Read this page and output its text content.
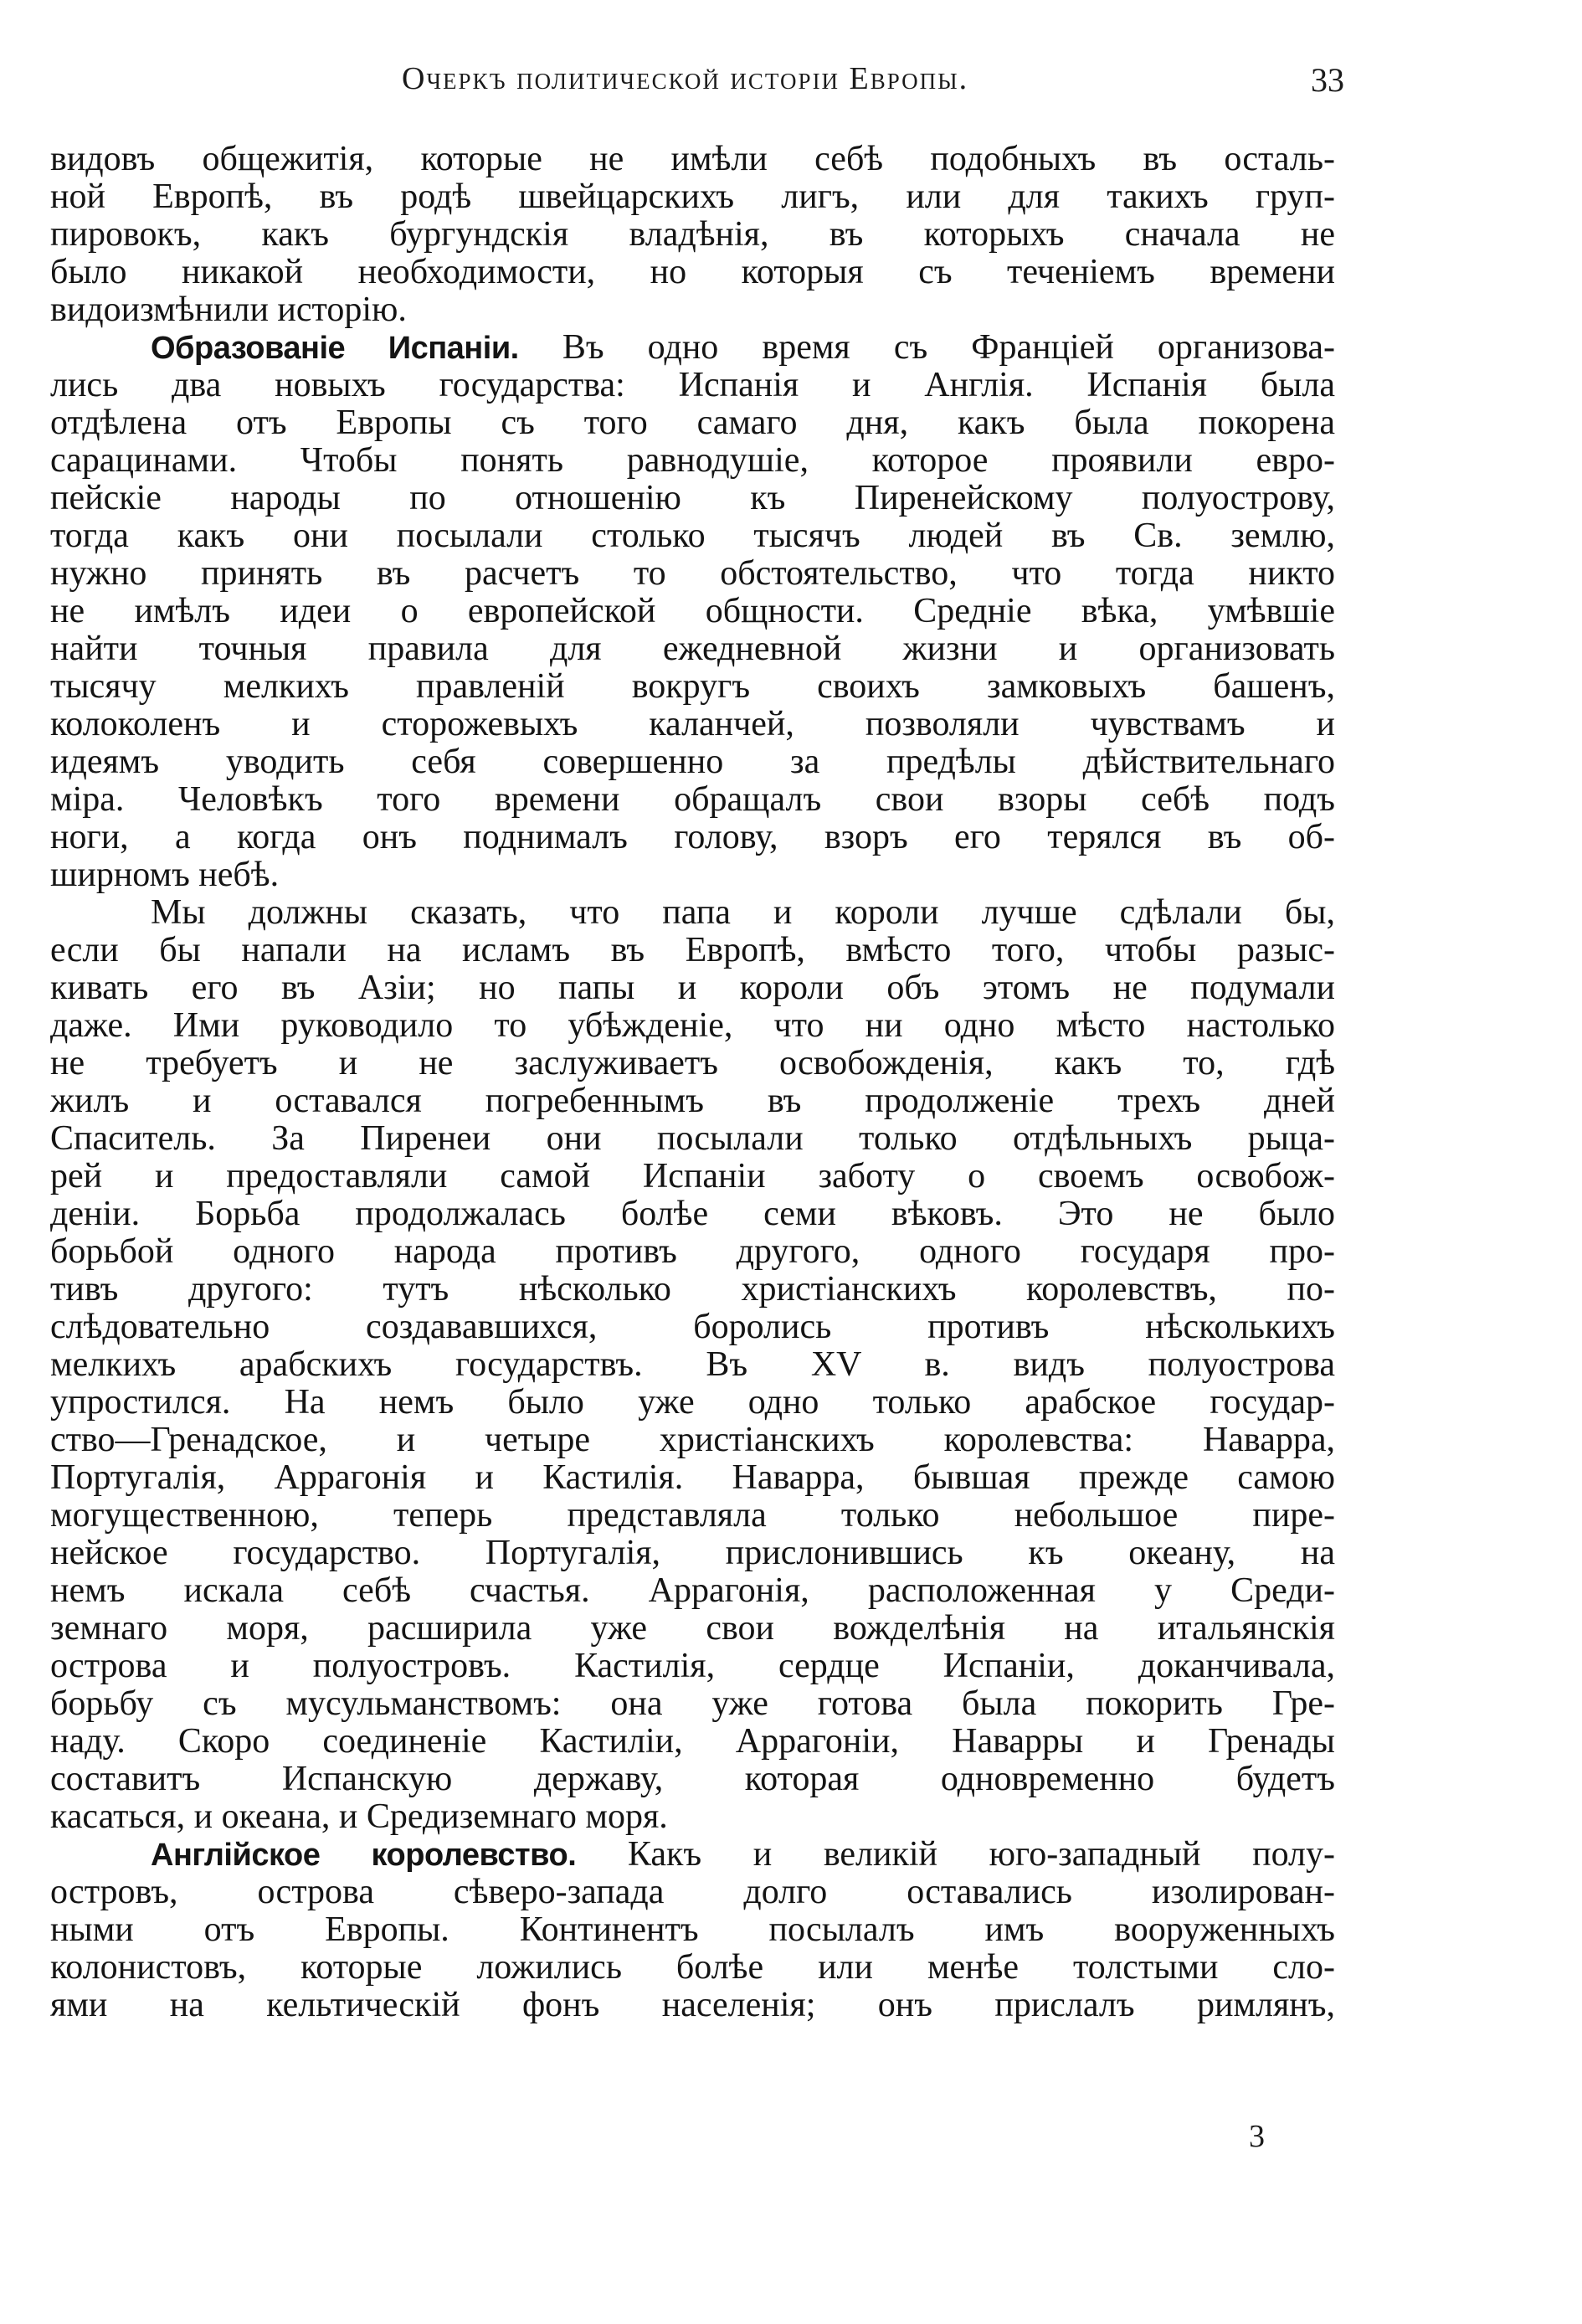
Очеркъ политической исторіи Европы.	33
видовъ общежитія, которые не имѣли себѣ подобныхъ въ осталь-
ной Европѣ, въ родѣ швейцарскихъ лигъ, или для такихъ груп-
пировокъ, какъ бургундскія владѣнія, въ которыхъ сначала не
было никакой необходимости, но которыя съ теченіемъ времени
видоизмѣнили исторію.
Образованіе Испаніи. Въ одно время съ Франціей организова-
лись два новыхъ государства: Испанія и Англія. Испанія была
отдѣлена отъ Европы съ того самаго дня, какъ была покорена
сарацинами. Чтобы понять равнодушіе, которое проявили евро-
пейскіе народы по отношенію къ Пиренейскому полуострову,
тогда какъ они посылали столько тысячъ людей въ Св. землю,
нужно принять въ расчетъ то обстоятельство, что тогда никто
не имѣлъ идеи о европейской общности. Средніе вѣка, умѣвшіе
найти точныя правила для ежедневной жизни и организовать
тысячу мелкихъ правленій вокругъ своихъ замковыхъ башенъ,
колоколенъ и сторожевыхъ каланчей, позволяли чувствамъ и
идеямъ уводить себя совершенно за предѣлы дѣйствительнаго
міра. Человѣкъ того времени обращалъ свои взоры себѣ подъ
ноги, а когда онъ поднималъ голову, взоръ его терялся въ об-
ширномъ небѣ.
Мы должны сказать, что папа и короли лучше сдѣлали бы,
если бы напали на исламъ въ Европѣ, вмѣсто того, чтобы разыс-
кивать его въ Азіи; но папы и короли объ этомъ не подумали
даже. Ими руководило то убѣжденіе, что ни одно мѣсто настолько
не требуетъ и не заслуживаетъ освобожденія, какъ то, гдѣ
жилъ и оставался погребеннымъ въ продолженіе трехъ дней
Спаситель. За Пиренеи они посылали только отдѣльныхъ рыца-
рей и предоставляли самой Испаніи заботу о своемъ освобож-
деніи. Борьба продолжалась болѣе семи вѣковъ. Это не было
борьбой одного народа противъ другого, одного государя про-
тивъ другого: тутъ нѣсколько христіанскихъ королевствъ, по-
слѣдовательно создававшихся, боролись противъ нѣсколькихъ
мелкихъ арабскихъ государствъ. Въ XV в. видъ полуострова
упростился. На немъ было уже одно только арабское государ-
ство—Гренадское, и четыре христіанскихъ королевства: Наварра,
Португалія, Аррагонія и Кастилія. Наварра, бывшая прежде самою
могущественною, теперь представляла только небольшое пире-
нейское государство. Португалія, прислонившись къ океану, на
немъ искала себѣ счастья. Аррагонія, расположенная у Среди-
земнаго моря, расширила уже свои вожделѣнія на итальянскія
острова и полуостровъ. Кастилія, сердце Испаніи, доканчивала,
борьбу съ мусульманствомъ: она уже готова была покорить Гре-
наду. Скоро соединеніе Кастиліи, Аррагоніи, Наварры и Гренады
составитъ Испанскую державу, которая одновременно будетъ
касаться, и океана, и Средиземнаго моря.
Англійское королевство. Какъ и великій юго-западный полу-
островъ, острова сѣверо-запада долго оставались изолирован-
ными отъ Европы. Континентъ посылалъ имъ вооруженныхъ
колонистовъ, которые ложились болѣе или менѣе толстыми сло-
ями на кельтическій фонъ населенія; онъ прислалъ римлянъ,
3
